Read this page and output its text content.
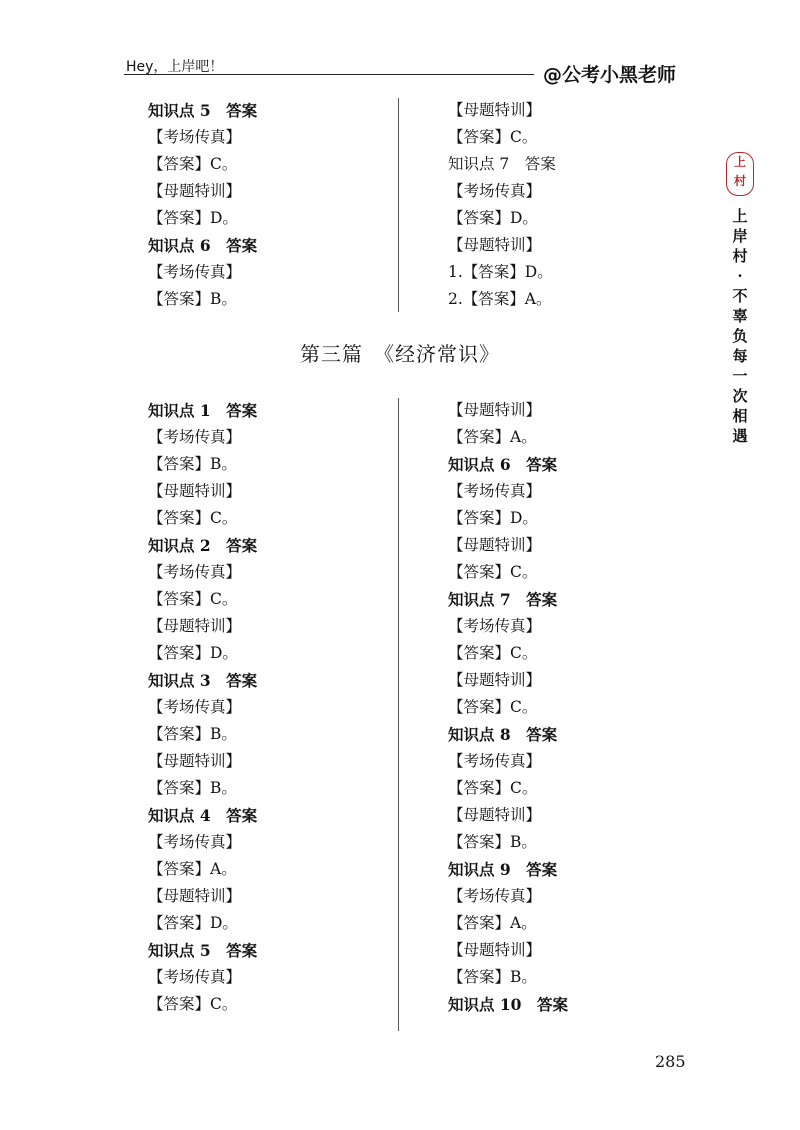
Hey，上岸吧！	@公考小黑老师
上
村
上
岸
村
·
不
辜
负
每
一
次
相
遇
知识点 5　答案
【考场传真】
【答案】C。
【母题特训】
【答案】D。
知识点 6　答案
【考场传真】
【答案】B。
【母题特训】
【答案】C。
知识点 7　答案
【考场传真】
【答案】D。
【母题特训】
1.【答案】D。
2.【答案】A。
第三篇　《经济常识》
知识点 1　答案
【考场传真】
【答案】B。
【母题特训】
【答案】C。
知识点 2　答案
【考场传真】
【答案】C。
【母题特训】
【答案】D。
知识点 3　答案
【考场传真】
【答案】B。
【母题特训】
【答案】B。
知识点 4　答案
【考场传真】
【答案】A。
【母题特训】
【答案】D。
知识点 5　答案
【考场传真】
【答案】C。
【母题特训】
【答案】A。
知识点 6　答案
【考场传真】
【答案】D。
【母题特训】
【答案】C。
知识点 7　答案
【考场传真】
【答案】C。
【母题特训】
【答案】C。
知识点 8　答案
【考场传真】
【答案】C。
【母题特训】
【答案】B。
知识点 9　答案
【考场传真】
【答案】A。
【母题特训】
【答案】B。
知识点 10　答案
285
